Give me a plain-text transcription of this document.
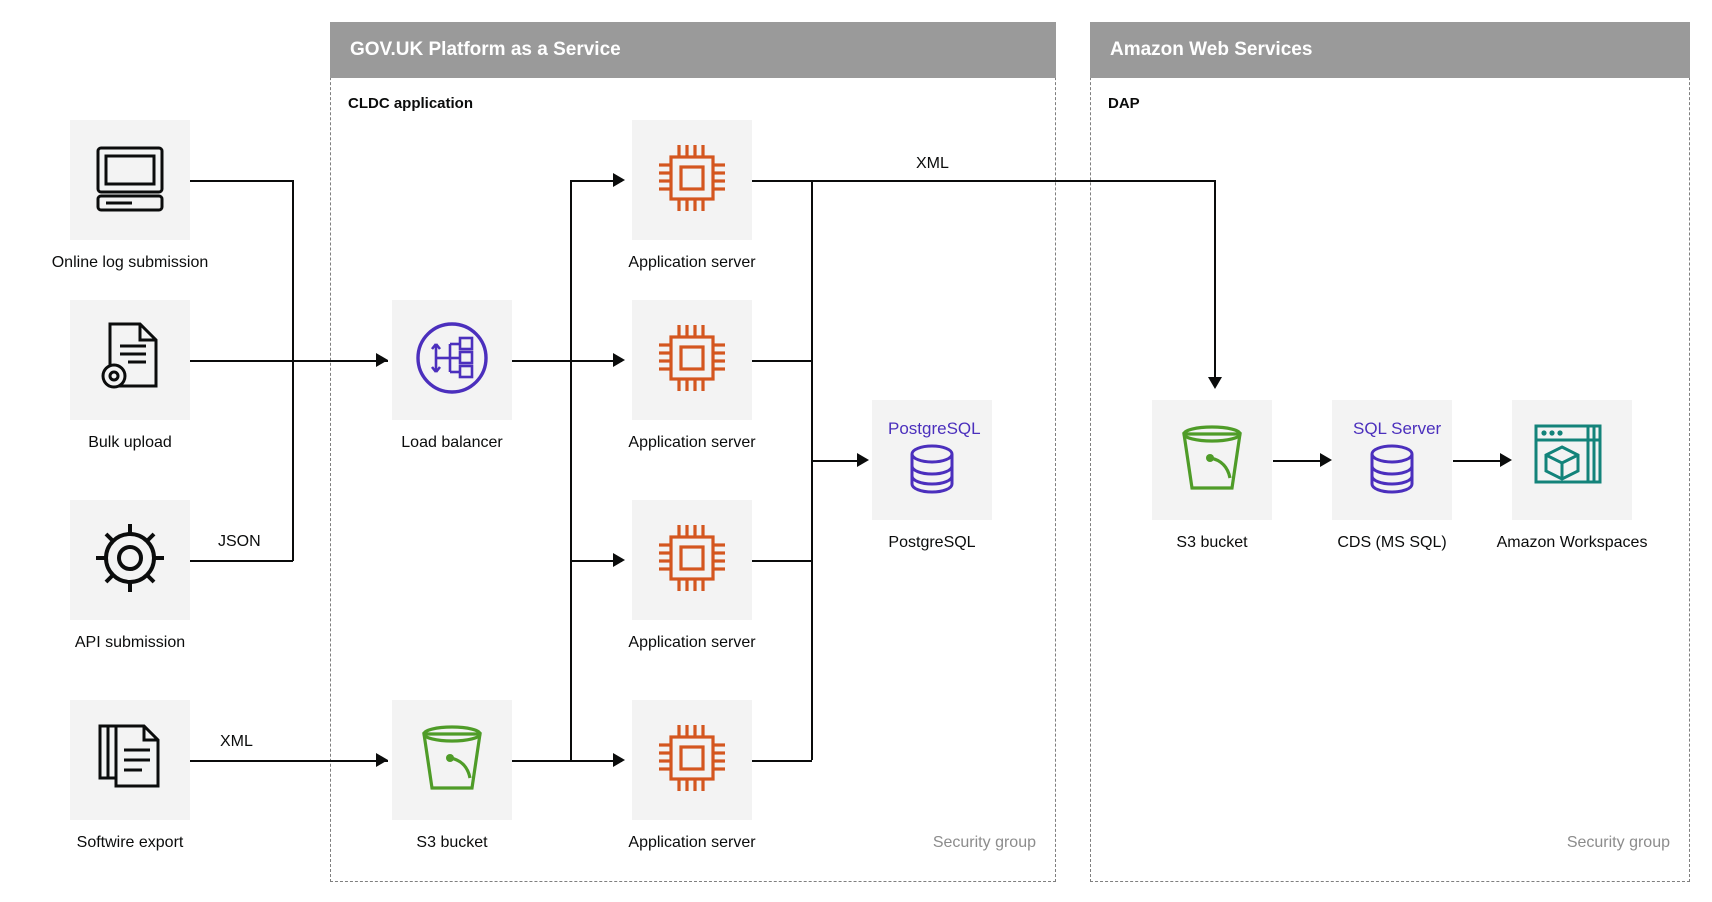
GOV.UK Platform as a Service
CLDC application
Security group
Amazon Web Services
DAP
Security group
JSON
XML
XML
Online log submission
Bulk upload
API submission
Softwire export
Load balancer
S3 bucket
Application server
Application server
Application server
Application server
PostgreSQL
PostgreSQL	S3 bucket
SQL Server
CDS (MS SQL)	Amazon Workspaces
